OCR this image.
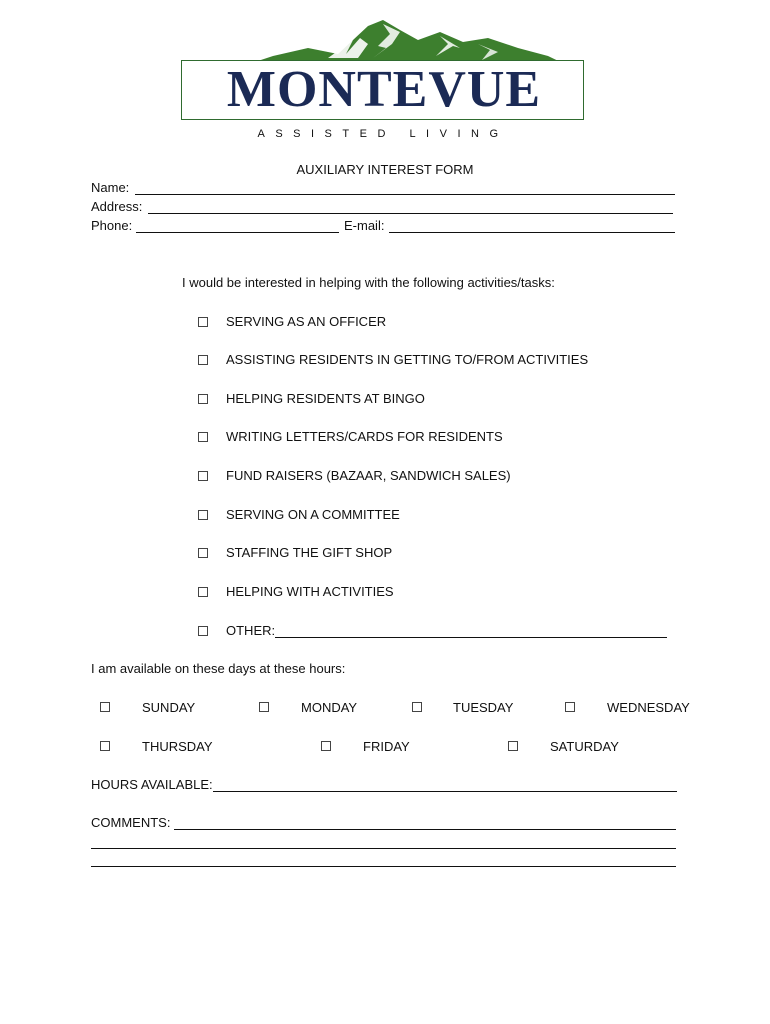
MONTEVUE
ASSISTED LIVING
AUXILIARY INTEREST FORM
Name:
Address:
Phone:	E-mail:
I would be interested in helping with the following activities/tasks:
SERVING AS AN OFFICER
ASSISTING RESIDENTS IN GETTING TO/FROM ACTIVITIES
HELPING RESIDENTS AT BINGO
WRITING LETTERS/CARDS FOR RESIDENTS
FUND RAISERS (BAZAAR, SANDWICH SALES)
SERVING ON A COMMITTEE
STAFFING THE GIFT SHOP
HELPING WITH ACTIVITIES
OTHER:
I am available on these days at these hours:
SUNDAY	MONDAY	TUESDAY	WEDNESDAY
THURSDAY	FRIDAY	SATURDAY
HOURS AVAILABLE:
COMMENTS:
